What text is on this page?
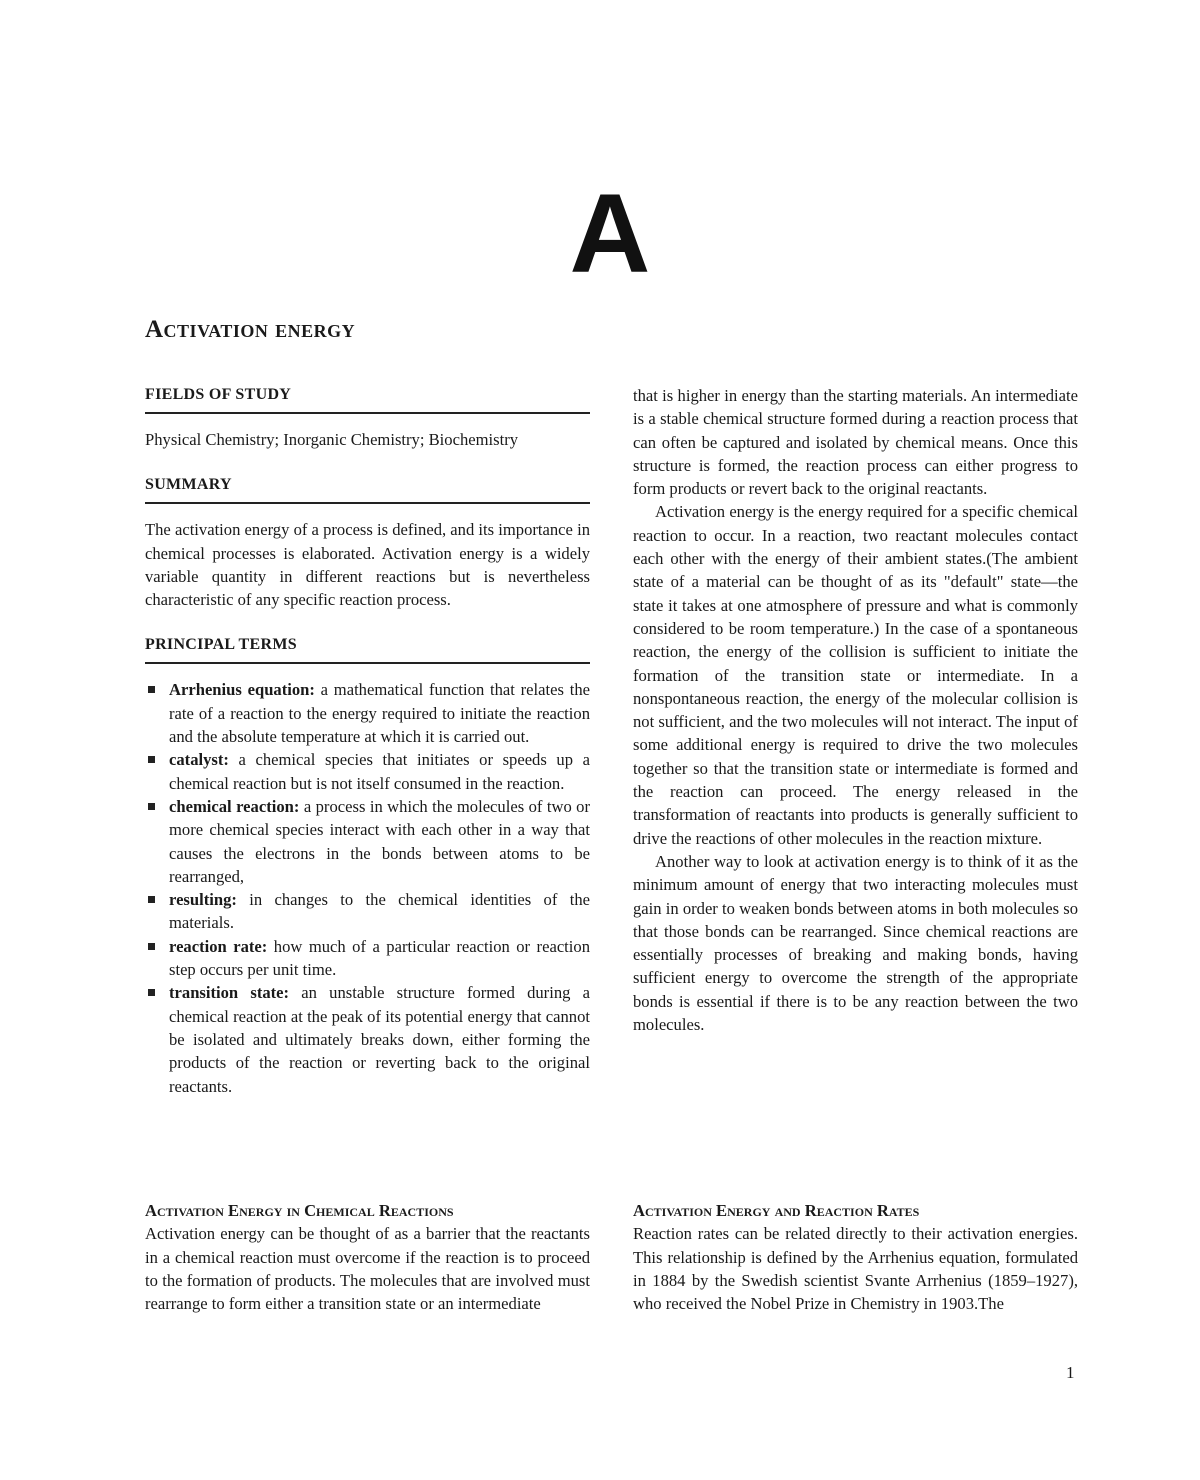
A
Activation energy
FIELDS OF STUDY

Physical Chemistry; Inorganic Chemistry; Biochemistry

SUMMARY

The activation energy of a process is defined, and its importance in chemical processes is elaborated. Activation energy is a widely variable quantity in different reactions but is nevertheless characteristic of any specific reaction process.

PRINCIPAL TERMS
Arrhenius equation: a mathematical function that relates the rate of a reaction to the energy required to initiate the reaction and the absolute temperature at which it is carried out.
catalyst: a chemical species that initiates or speeds up a chemical reaction but is not itself consumed in the reaction.
chemical reaction: a process in which the molecules of two or more chemical species interact with each other in a way that causes the electrons in the bonds between atoms to be rearranged,
resulting: in changes to the chemical identities of the materials.
reaction rate: how much of a particular reaction or reaction step occurs per unit time.
transition state: an unstable structure formed during a chemical reaction at the peak of its potential energy that cannot be isolated and ultimately breaks down, either forming the products of the reaction or reverting back to the original reactants.
Activation Energy in Chemical Reactions

Activation energy can be thought of as a barrier that the reactants in a chemical reaction must overcome if the reaction is to proceed to the formation of products. The molecules that are involved must rearrange to form either a transition state or an intermediate

that is higher in energy than the starting materials. An intermediate is a stable chemical structure formed during a reaction process that can often be captured and isolated by chemical means. Once this structure is formed, the reaction process can either progress to form products or revert back to the original reactants.

Activation energy is the energy required for a specific chemical reaction to occur. In a reaction, two reactant molecules contact each other with the energy of their ambient states.(The ambient state of a material can be thought of as its "default" state—the state it takes at one atmosphere of pressure and what is commonly considered to be room temperature.) In the case of a spontaneous reaction, the energy of the collision is sufficient to initiate the formation of the transition state or intermediate. In a nonspontaneous reaction, the energy of the molecular collision is not sufficient, and the two molecules will not interact. The input of some additional energy is required to drive the two molecules together so that the transition state or intermediate is formed and the reaction can proceed. The energy released in the transformation of reactants into products is generally sufficient to drive the reactions of other molecules in the reaction mixture.

Another way to look at activation energy is to think of it as the minimum amount of energy that two interacting molecules must gain in order to weaken bonds between atoms in both molecules so that those bonds can be rearranged. Since chemical reactions are essentially processes of breaking and making bonds, having sufficient energy to overcome the strength of the appropriate bonds is essential if there is to be any reaction between the two molecules.

Activation Energy and Reaction Rates

Reaction rates can be related directly to their activation energies. This relationship is defined by the Arrhenius equation, formulated in 1884 by the Swedish scientist Svante Arrhenius (1859–1927), who received the Nobel Prize in Chemistry in 1903.The

1
